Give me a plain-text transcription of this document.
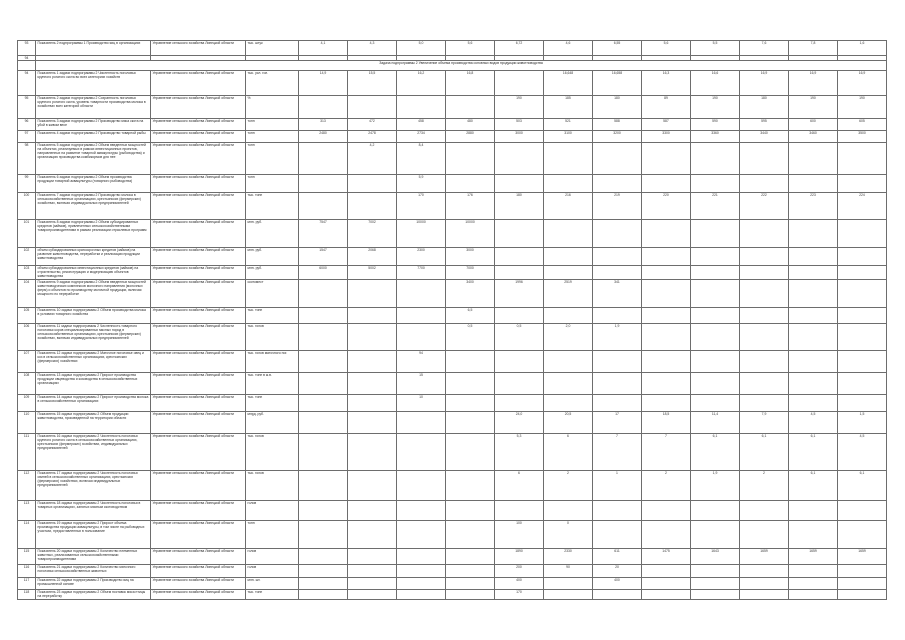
93	Показатель 2 подпрограммы 1 Производство яиц в организациях	Управление сельского хозяйства Липецкой области	тыс. штук	4,1	4,3	5,0	5,6	6,72	4,6	6,55	5,6	5,5	7,6	7,8	1,6
94															
	Задача подпрограммы 2 Увеличение объема производства основных видов продукции животноводства														
94	Показатель 1 задачи подпрограммы 2 Численность поголовья крупного рогатого скота во всех категориях хозяйств	Управление сельского хозяйства Липецкой области	тыс. усл. гол.	14,9	15,5	16,2	16,8		16,648	16,658	16,3	16,6	16,9	16,9	16,9
95	Показатель 2 задачи подпрограммы 2 Сохранность поголовья крупного рогатого скота, уровень товарности производства молока в хозяйствах всех категорий области	Управление сельского хозяйства Липецкой области	%					190	185	180	89	190	180	190	190
96	Показатель 3 задачи подпрограммы 2 Производство мяса скота на убой в живом весе	Управление сельского хозяйства Липецкой области	тонн	313	472	458	480	503	521	588	587	590	595	600	605
97	Показатель 4 задачи подпрограммы 2 Производство товарной рыбы	Управление сельского хозяйства Липецкой области	тонн	2480	2478	2734	2880	3000	3100	3200	3300	3360	3440	3460	3500
98	Показатель 5 задачи подпрограммы 2 Объем введенных мощностей на объектах, реализуемых в рамках инвестиционных проектов, направленных на развитие товарной аквакультуры (рыбоводства) и организацию производства комбикормов для нее	Управление сельского хозяйства Липецкой области	тонн		4,2	8,4									
99	Показатель 6 задачи подпрограммы 2 Объем производства продукции товарной аквакультуры (товарного рыбоводства)	Управление сельского хозяйства Липецкой области	тонн			5,9									
100	Показатель 7 задачи подпрограммы 2 Производство молока в сельскохозяйственных организациях, крестьянских (фермерских) хозяйствах, включая индивидуальных предпринимателей	Управление сельского хозяйства Липецкой области	тыс. тонн			170	176	180	216	219	220	221	222	223	224
101	Показатель 8 задачи подпрограммы 2 Объем субсидированных кредитов (займов), привлеченных сельскохозяйственными товаропроизводителями в рамках реализации отраслевых программ	Управление сельского хозяйства Липецкой области	млн. руб.	7547	7002	10000	10000								
102	объем субсидированных краткосрочных кредитов (займов) на развитие животноводства, переработки и реализации продукции животноводства	Управление сельского хозяйства Липецкой области	млн. руб.	1547	2068	2300	3000								
103	объем субсидированных инвестиционных кредитов (займов) на строительство, реконструкцию и модернизацию объектов животноводства	Управление сельского хозяйства Липецкой области	млн. руб.	6000	5002	7700	7000								
104	Показатель 9 задачи подпрограммы 2 Объем введенных мощностей животноводческих комплексов молочного направления (молочных ферм) и объектов по производству молочной продукции, включая мощности по переработке	Управление сельского хозяйства Липецкой области	скотомест				3400	1996	2519	341					
105	Показатель 10 задачи подпрограммы 2 Объем производства молока в условиях товарного хозяйства	Управление сельского хозяйства Липецкой области	тыс. тонн				6,5								
106	Показатель 11 задачи подпрограммы 2 Численность товарного поголовья коров специализированных мясных пород в сельскохозяйственных организациях, крестьянских (фермерских) хозяйствах, включая индивидуальных предпринимателей	Управление сельского хозяйства Липецкой области	тыс. голов				0,5	0,5	2,0	1,9					
107	Показатель 12 задачи подпрограммы 2 Маточное поголовье овец и коз в сельскохозяйственных организациях, крестьянских (фермерских) хозяйствах	Управление сельского хозяйства Липецкой области	тыс. голов маточного пог.			94									
108	Показатель 13 задачи подпрограммы 2 Прирост производства продукции овцеводства и козоводства в сельскохозяйственных организациях	Управление сельского хозяйства Липецкой области	тыс. тонн в ж.в.			15									
109	Показатель 14 задачи подпрограммы 2 Прирост производства молока в сельскохозяйственных организациях	Управление сельского хозяйства Липецкой области	тыс. тонн			10									
110	Показатель 15 задачи подпрограммы 2 Объем продукции животноводства, произведенной на территории области	Управление сельского хозяйства Липецкой области	млрд. руб.					24,0	20,5	17	18,5	11,4	7,9	4,5	1,5
111	Показатель 16 задачи подпрограммы 2 Численность поголовья крупного рогатого скота в сельскохозяйственных организациях, крестьянских (фермерских) хозяйствах, индивидуальных предпринимателей	Управление сельского хозяйства Липецкой области	тыс. голов					5,3	6	7	7	6,1	6,1	6,1	4,5
112	Показатель 17 задачи подпрограммы 2 Численность поголовья свиней в сельскохозяйственных организациях, крестьянских (фермерских) хозяйствах, включая индивидуальных предпринимателей	Управление сельского хозяйства Липецкой области	тыс. голов					6	2	1	2	1,9	2	6,1	6,1
113	Показатель 18 задачи подпрограммы 2 Численность поголовья в товарных организациях, занятых мясным скотоводством	Управление сельского хозяйства Липецкой области	голов												
114	Показатель 19 задачи подпрограммы 2 Прирост объема производства продукции аквакультуры, в том числе на рыбоводных участках, предоставленных в пользование	Управление сельского хозяйства Липецкой области	тонн					100	0						
115	Показатель 20 задачи подпрограммы 2 Количество племенных животных, реализованных сельскохозяйственными товаропроизводителями	Управление сельского хозяйства Липецкой области	голов					1890	2330	611	1475	1643	1659	1659	1659
116	Показатель 21 задачи подпрограммы 2 Количество маточного поголовья сельскохозяйственных животных	Управление сельского хозяйства Липецкой области	голов					200	90	20					
117	Показатель 22 задачи подпрограммы 2 Производство яиц на промышленной основе	Управление сельского хозяйства Липецкой области	млн. шт.					400		400					
118	Показатель 23 задачи подпрограммы 2 Объем поставок мяса птицы на переработку	Управление сельского хозяйства Липецкой области	тыс. тонн					170							
